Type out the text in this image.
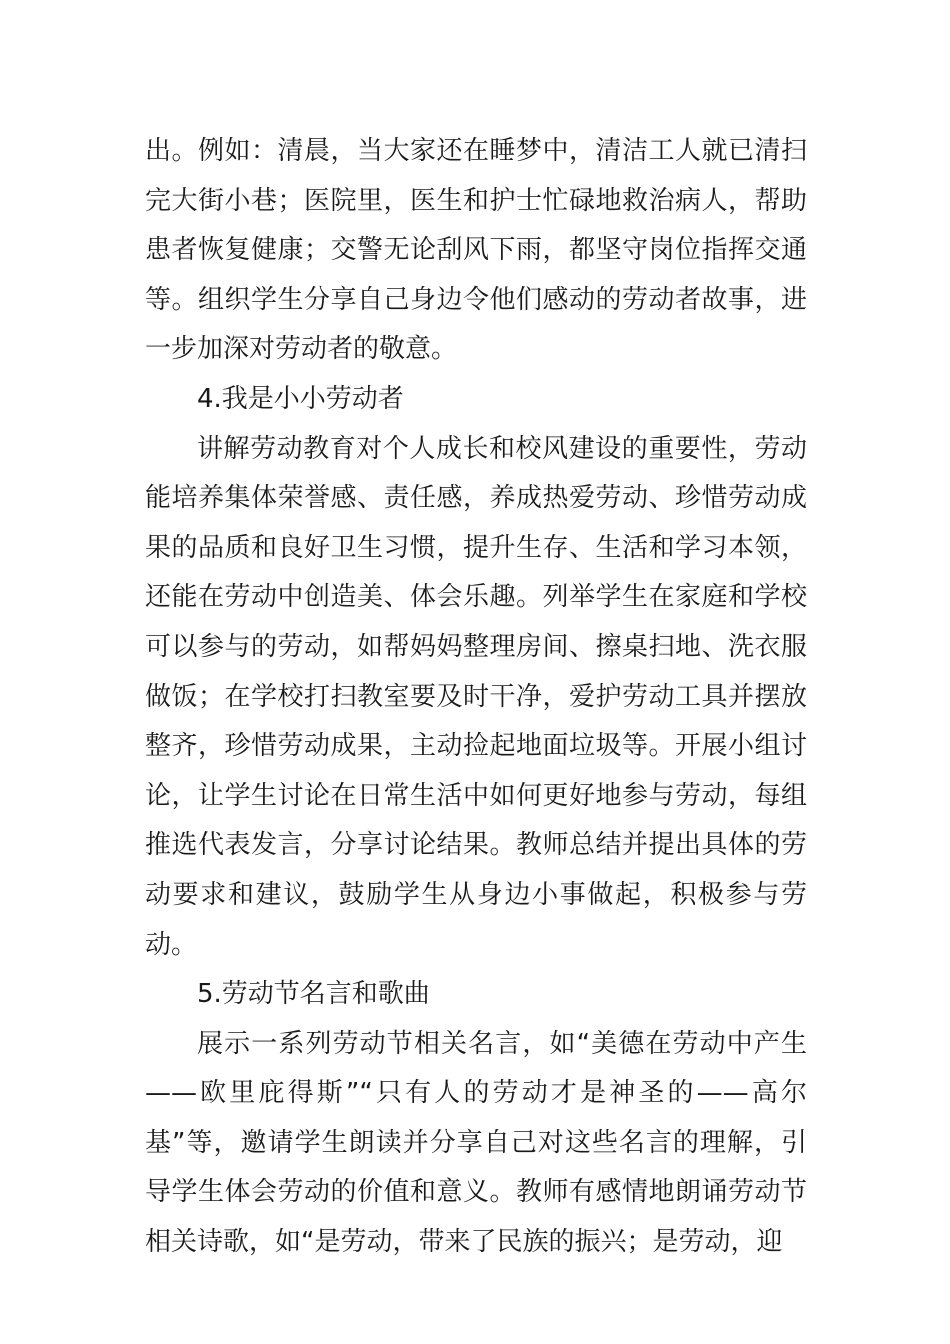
出。例如：清晨，当大家还在睡梦中，清洁工人就已清扫完大街小巷；医院里，医生和护士忙碌地救治病人，帮助患者恢复健康；交警无论刮风下雨，都坚守岗位指挥交通等。组织学生分享自己身边令他们感动的劳动者故事，进一步加深对劳动者的敬意。

4.我是小小劳动者

讲解劳动教育对个人成长和校风建设的重要性，劳动能培养集体荣誉感、责任感，养成热爱劳动、珍惜劳动成果的品质和良好卫生习惯，提升生存、生活和学习本领，还能在劳动中创造美、体会乐趣。列举学生在家庭和学校可以参与的劳动，如帮妈妈整理房间、擦桌扫地、洗衣服做饭；在学校打扫教室要及时干净，爱护劳动工具并摆放整齐，珍惜劳动成果，主动捡起地面垃圾等。开展小组讨论，让学生讨论在日常生活中如何更好地参与劳动，每组推选代表发言，分享讨论结果。教师总结并提出具体的劳动要求和建议，鼓励学生从身边小事做起，积极参与劳动。

5.劳动节名言和歌曲

展示一系列劳动节相关名言，如“美德在劳动中产生——欧里庇得斯”“只有人的劳动才是神圣的——高尔基”等，邀请学生朗读并分享自己对这些名言的理解，引导学生体会劳动的价值和意义。教师有感情地朗诵劳动节相关诗歌，如“是劳动，带来了民族的振兴；是劳动，迎
